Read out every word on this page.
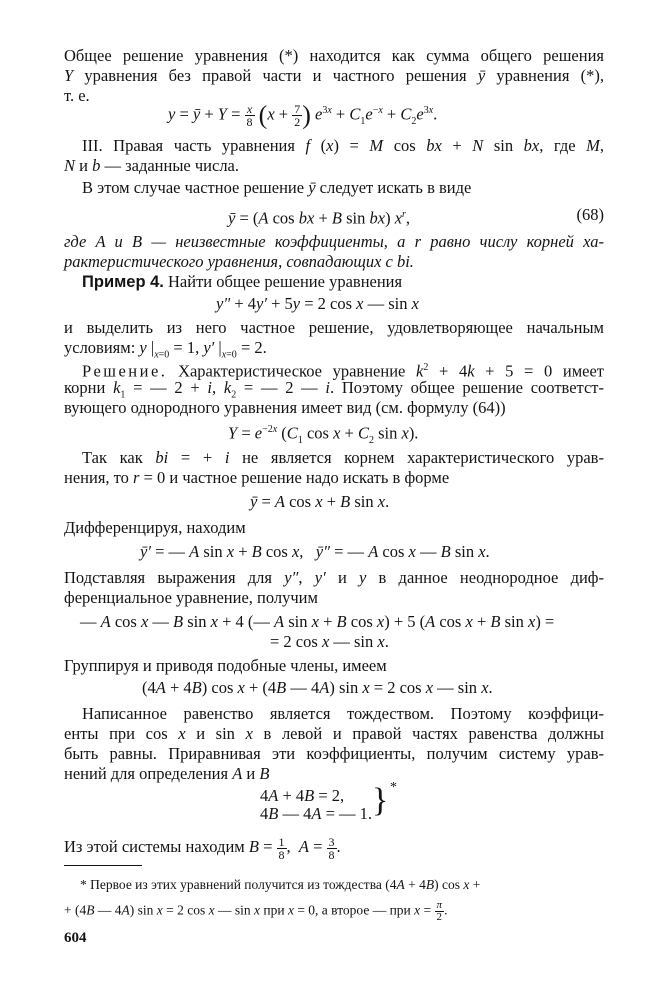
Общее решение уравнения (*) находится как сумма общего решения
Y уравнения без правой части и частного решения ȳ уравнения (*),
т. е.
y = ȳ + $Y = \frac{x}{8} (x + \frac{7}{2}$ ) $e^{3x} + C_1e^{-x} + C_2e^{3x}$.
III. Правая часть уравнения f (x) = M cos bx + N sin bx, где M,
N и b — заданные числа.
В этом случае частное решение ȳ следует искать в виде
ȳ = (A cos bx + B sin bx) $x^r$,	(68)
где A и B — неизвестные коэффициенты, а r равно числу корней ха-
рактеристического уравнения, совпадающих с bi.
Пример 4. Найти общее решение уравнения
y″ + 4y′ + 5y = 2 cos x — sin x
и выделить из него частное решение, удовлетворяющее начальным
условиям: y $|_{x=0} = 1$, y′ $|_{x=0} = 2$.
Решение. Характеристическое уравнение $k^2 + 4k + 5 = 0$ имеет
корни $k_1$ = — 2 + i, $k_2$ = — 2 — i. Поэтому общее решение соответст-
вующего однородного уравнения имеет вид (см. формулу (64))
$Y = e^{-2x}$ ($C_1$ $\cos x + C_2$ sin x).
Так как bi = + i не является корнем характеристического урав-
нения, то r = 0 и частное решение надо искать в форме
ȳ = A cos x + B sin x.
Дифференцируя, находим
ȳ′ = — A sin x + B cos x,   ȳ″ = — A cos x — B sin x.
Подставляя выражения для y″, y′ и y в данное неоднородное диф-
ференциальное уравнение, получим
— A cos x — B sin x + 4 (— A sin x + B cos x) + 5 (A cos x + B sin x) =
= 2 cos x — sin x.
Группируя и приводя подобные члены, имеем
(4A + 4B) cos x + (4B — 4A) sin x = 2 cos x — sin x.
Написанное равенство является тождеством. Поэтому коэффици-
енты при cos x и sin x в левой и правой частях равенства должны
быть равны. Приравнивая эти коэффициенты, получим систему урав-
нений для определения A и B
4A + 4B = 2,
4B — 4A = — 1. } *
Из этой системы находим $B = \frac{1}{8}$ ,  $A = \frac{3}{8}$ .
* Первое из этих уравнений получится из тождества (4A + 4B) cos x +
+ (4B — 4A) sin x = 2 cos x — sin x при x = 0, а второе — при $x = \frac{\pi}{2}$ .
604
